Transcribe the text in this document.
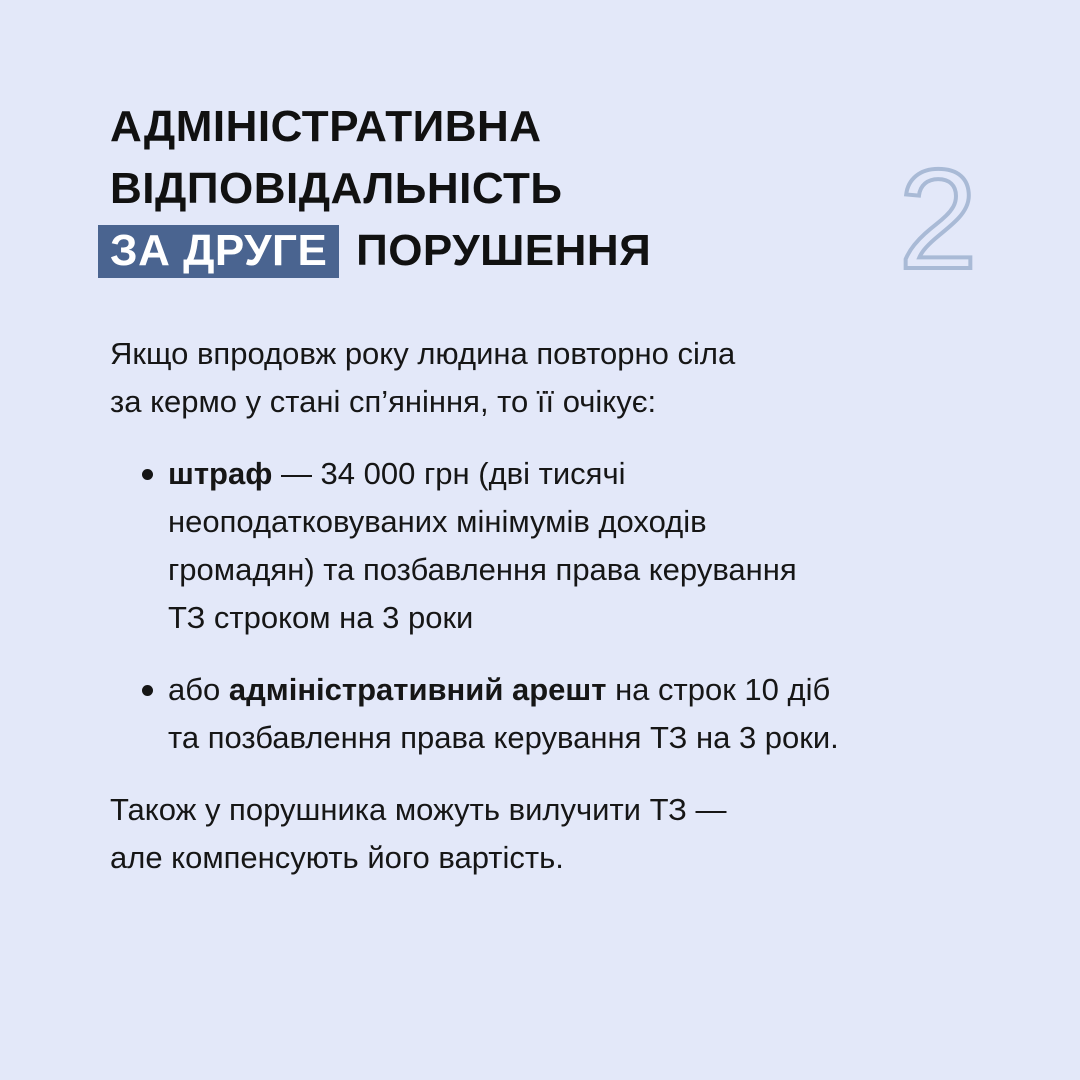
АДМІНІСТРАТИВНА
ВІДПОВІДАЛЬНІСТЬ
ЗА ДРУГЕ ПОРУШЕННЯ 2

Якщо впродовж року людина повторно сіла
за кермо у стані сп’яніння, то її очікує:

штраф — 34 000 грн (дві тисячі
неоподатковуваних мінімумів доходів
громадян) та позбавлення права керування
ТЗ строком на 3 роки
або адміністративний арешт на строк 10 діб
та позбавлення права керування ТЗ на 3 роки.

Також у порушника можуть вилучити ТЗ —
але компенсують його вартість.
